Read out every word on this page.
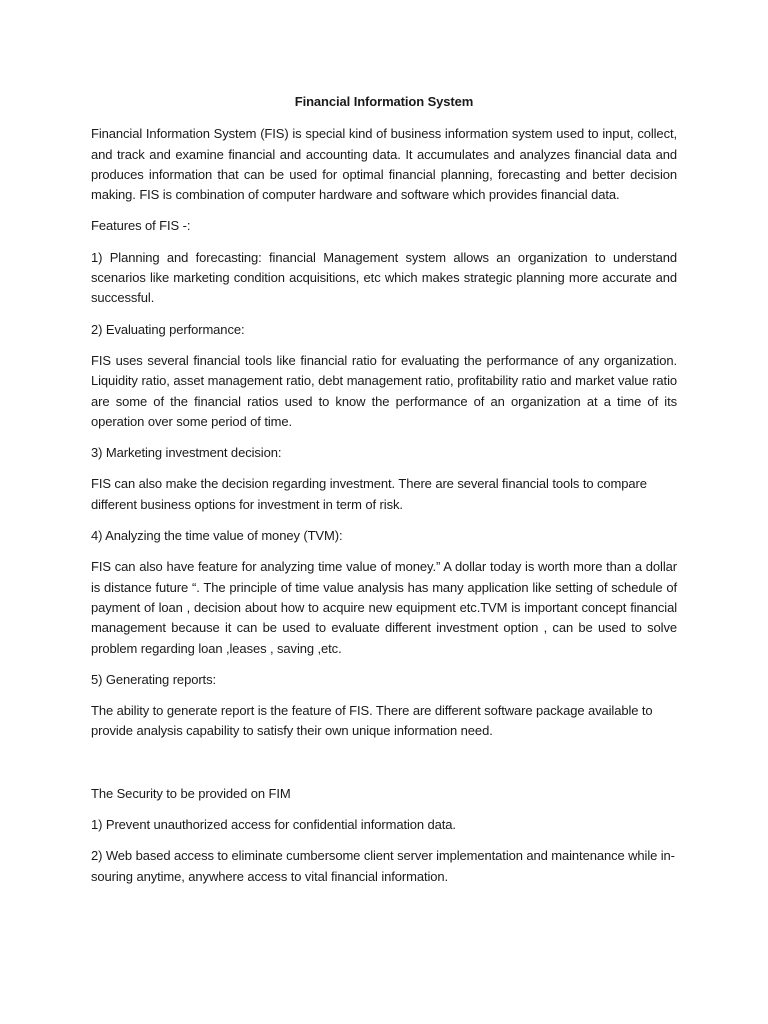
Financial Information System

Financial Information System (FIS) is special kind of business information system used to input, collect, and track and examine financial and accounting data. It accumulates and analyzes financial data and produces information that can be used for optimal financial planning, forecasting and better decision making. FIS is combination of computer hardware and software which provides financial data.

Features of FIS -:

1) Planning and forecasting: financial Management system allows an organization to understand scenarios like marketing condition acquisitions, etc which makes strategic planning more accurate and successful.

2) Evaluating performance:

FIS uses several financial tools like financial ratio for evaluating the performance of any organization. Liquidity ratio, asset management ratio, debt management ratio, profitability ratio and market value ratio are some of the financial ratios used to know the performance of an organization at a time of its operation over some period of time.

3) Marketing investment decision:

FIS can also make the decision regarding investment. There are several financial tools to compare different business options for investment in term of risk.

4) Analyzing the time value of money (TVM):

FIS can also have feature for analyzing time value of money.” A dollar today is worth more than a dollar is distance future “. The principle of time value analysis has many application like setting of schedule of payment of loan , decision about how to acquire new equipment etc.TVM is important concept financial management because it can be used to evaluate different investment option , can be used to solve problem regarding loan ,leases , saving ,etc.

5) Generating reports:

The ability to generate report is the feature of FIS. There are different software package available to provide analysis capability to satisfy their own unique information need.

The Security to be provided on FIM

1) Prevent unauthorized access for confidential information data.

2) Web based access to eliminate cumbersome client server implementation and maintenance while in-souring anytime, anywhere access to vital financial information.
